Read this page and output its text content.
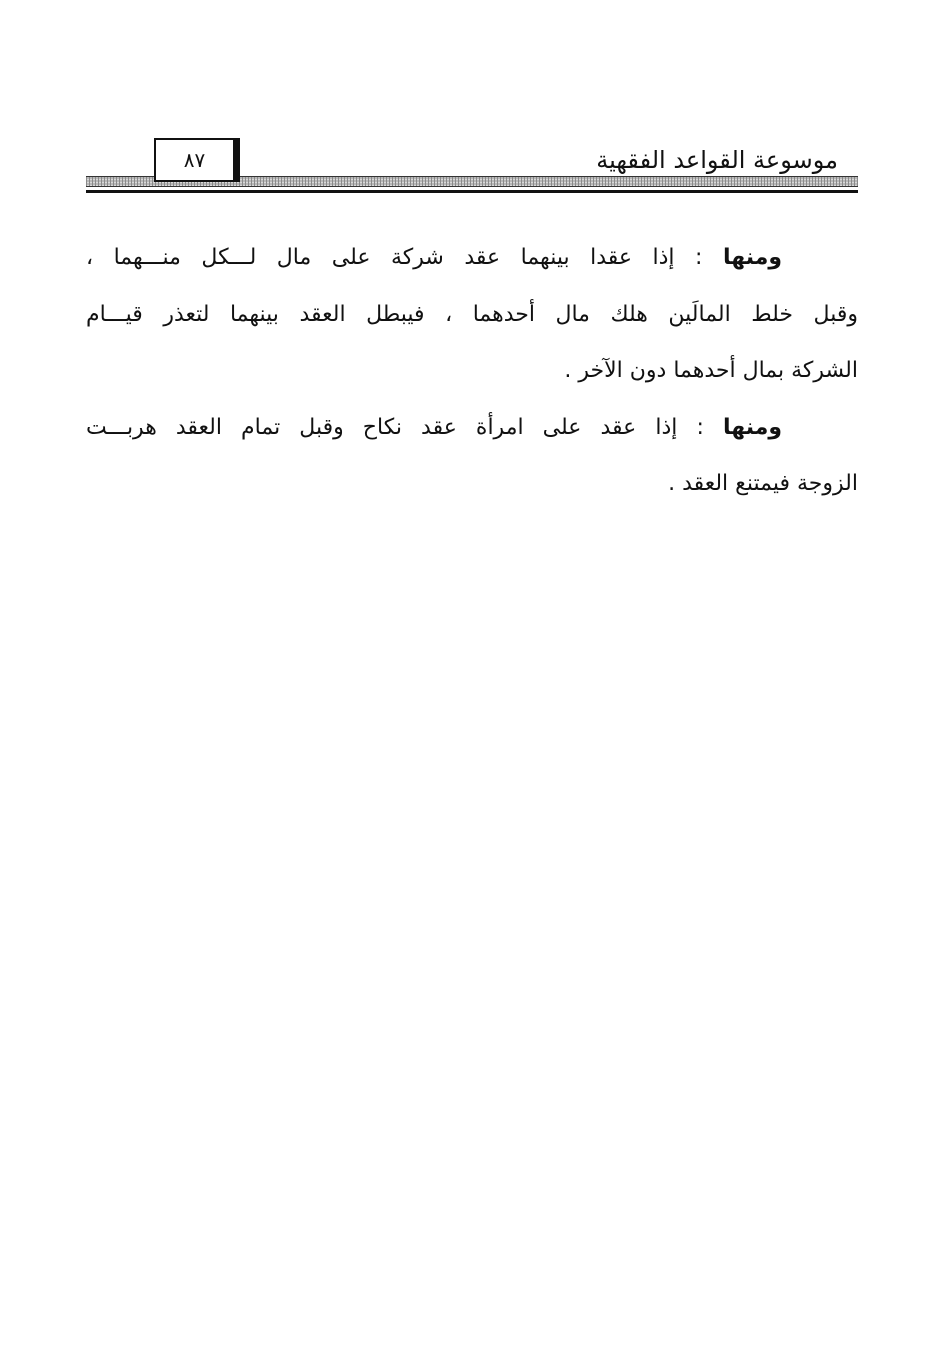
موسوعة القواعد الفقهية
٨٧
ومنها : إذا عقدا بينهما عقد شركة على مال لـــكل منـــهما ،
وقبل خلط المالَين هلك مال أحدهما ، فيبطل العقد بينهما لتعذر قيـــام
الشركة بمال أحدهما دون الآخر .
ومنها : إذا عقد على امرأة عقد نكاح وقبل تمام العقد هربـــت
الزوجة فيمتنع العقد .
